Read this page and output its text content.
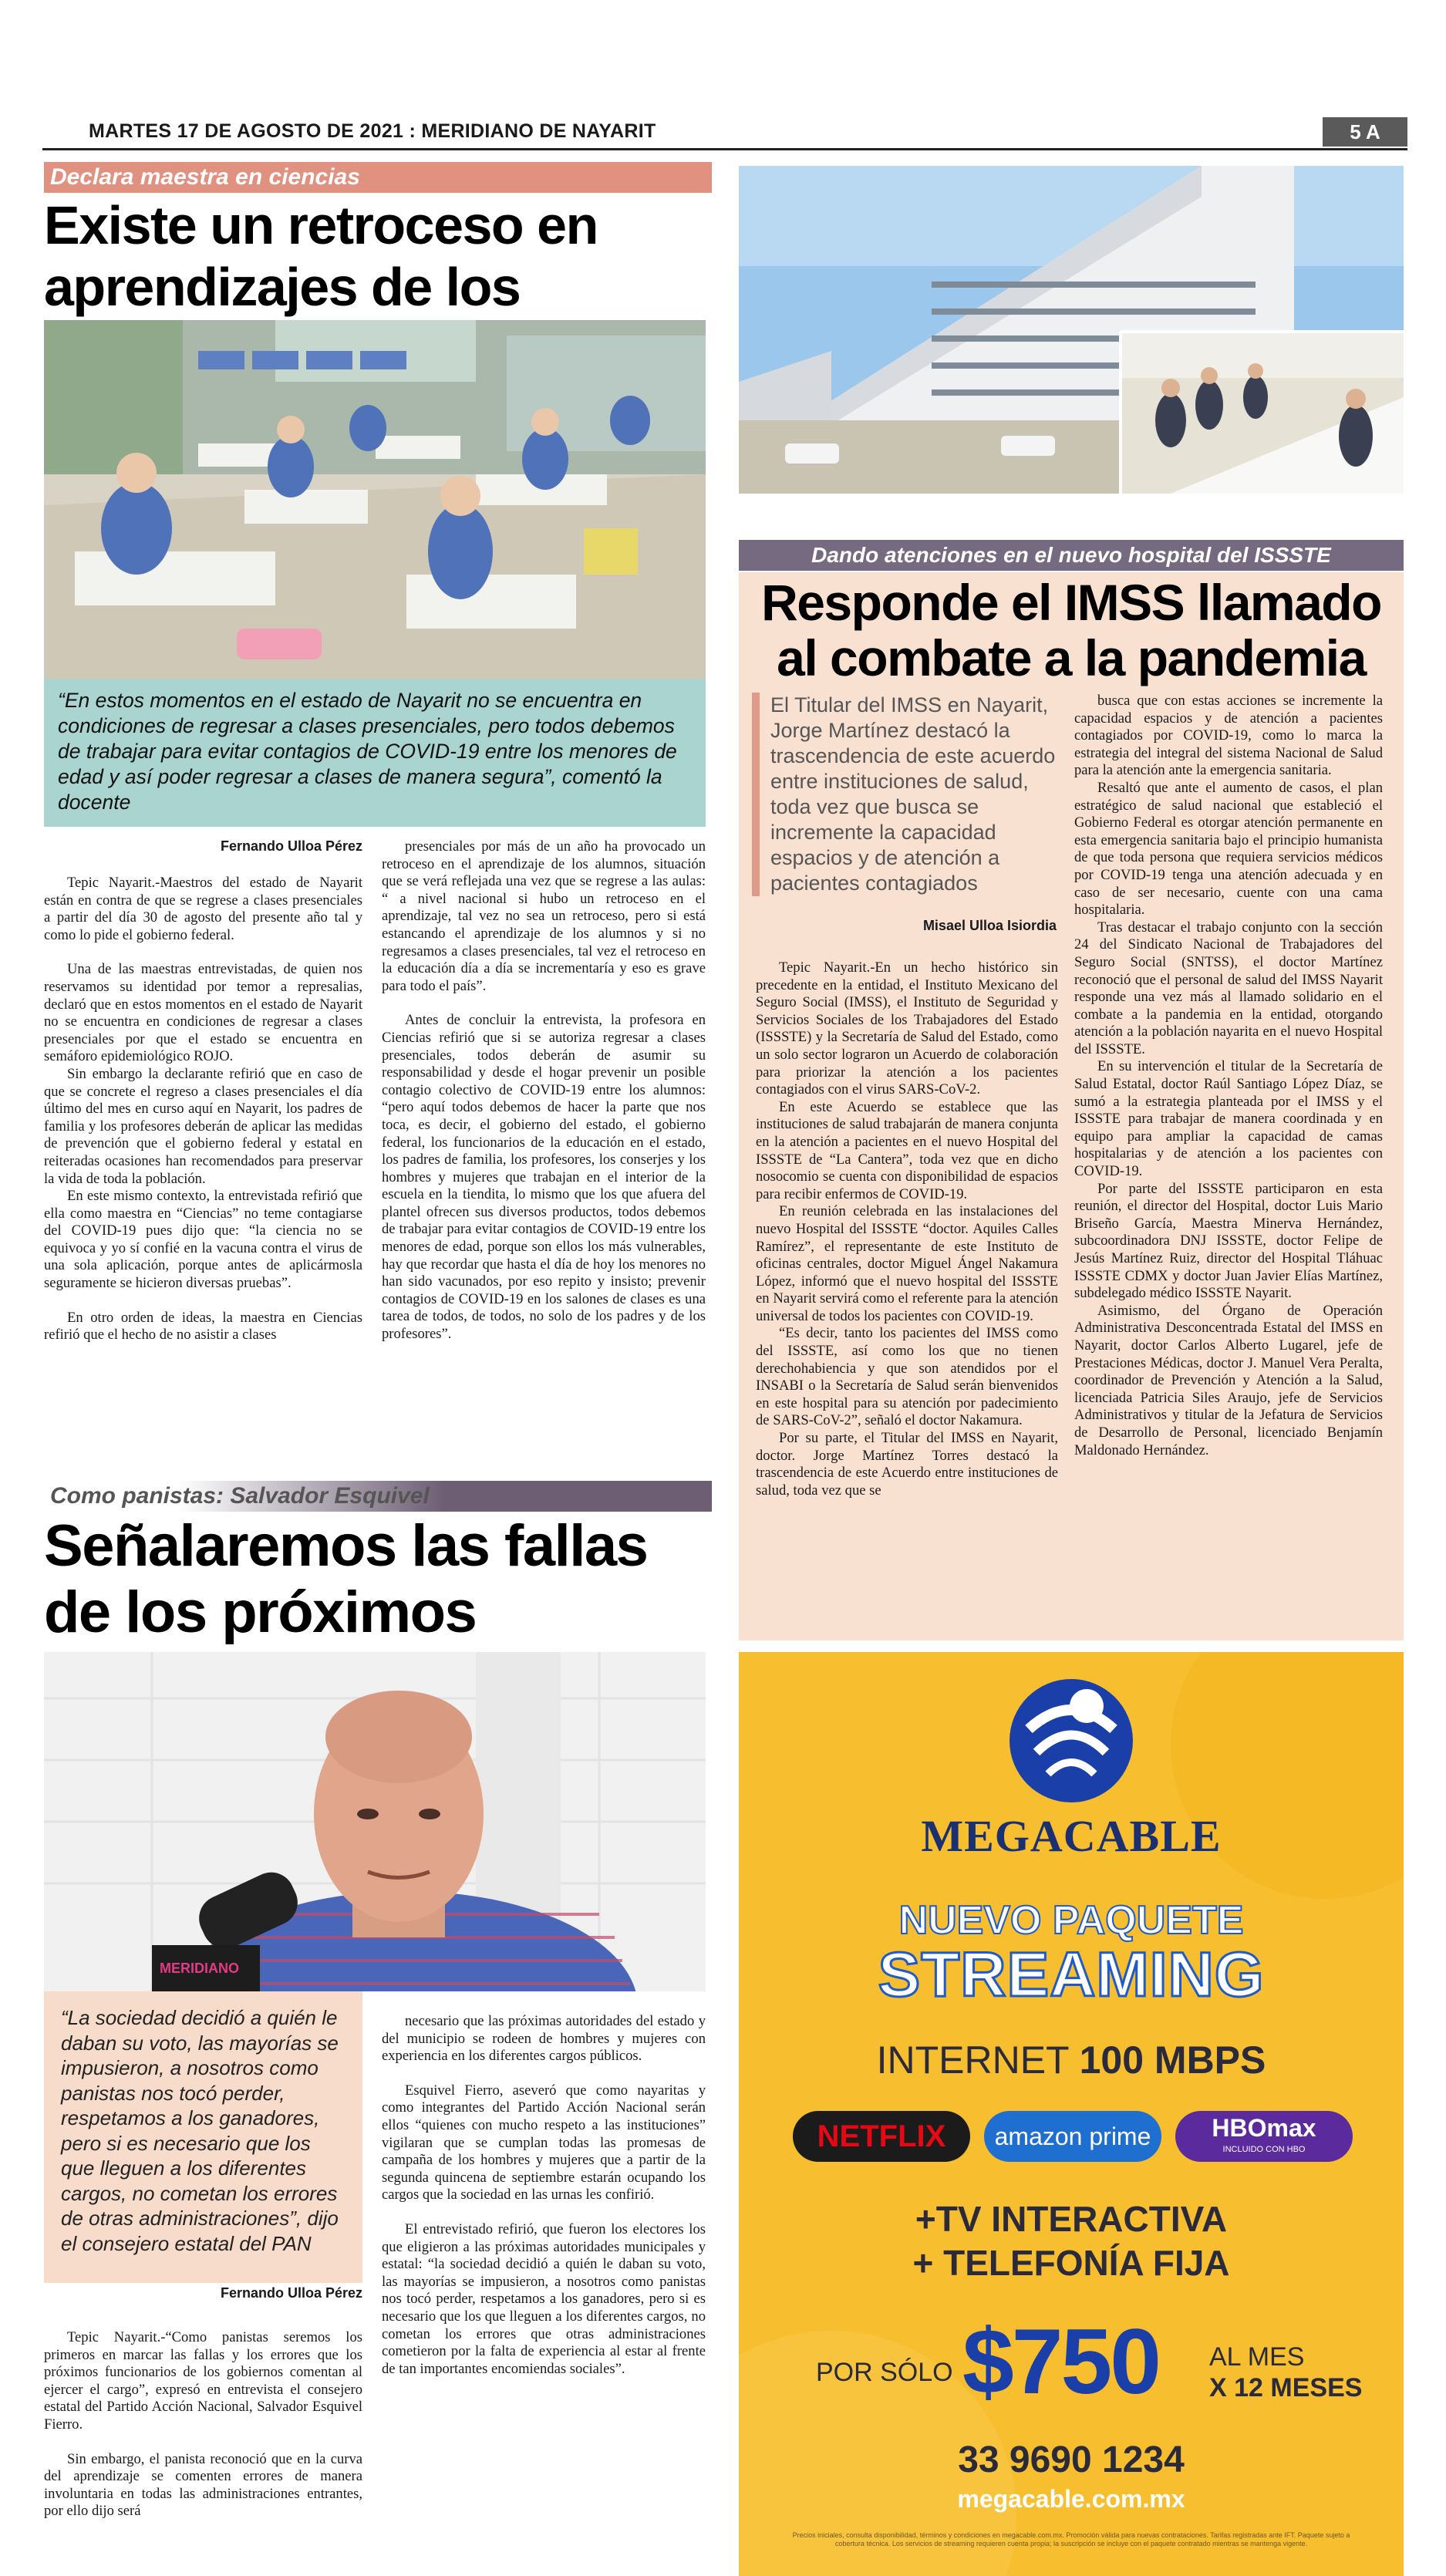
MARTES 17 DE AGOSTO DE 2021 : MERIDIANO DE NAYARIT	5 A
Declara maestra en ciencias
Existe un retroceso en
aprendizajes de los
“En estos momentos en el estado de Nayarit no se encuentra en condiciones de regresar a clases presenciales, pero todos debemos de trabajar para evitar contagios de COVID-19 entre los menores de edad y así poder regresar a clases de manera segura”, comentó la docente
Fernando Ulloa Pérez

Tepic Nayarit.-Maestros del estado de Nayarit están en contra de que se regrese a clases presenciales a partir del día 30 de agosto del presente año tal y como lo pide el gobierno federal.

Una de las maestras entrevistadas, de quien nos reservamos su identidad por temor a represalias, declaró que en estos momentos en el estado de Nayarit no se encuentra en condiciones de regresar a clases presenciales por que el estado se encuentra en semáforo epidemiológico ROJO.

Sin embargo la declarante refirió que en caso de que se concrete el regreso a clases presenciales el día último del mes en curso aquí en Nayarit, los padres de familia y los profesores deberán de aplicar las medidas de prevención que el gobierno federal y estatal en reiteradas ocasiones han recomendados para preservar la vida de toda la población.

En este mismo contexto, la entrevistada refirió que ella como maestra en “Ciencias” no teme contagiarse del COVID-19 pues dijo que: “la ciencia no se equivoca y yo sí confié en la vacuna contra el virus de una sola aplicación, porque antes de aplicármosla seguramente se hicieron diversas pruebas”.

En otro orden de ideas, la maestra en Ciencias refirió que el hecho de no asistir a clases

presenciales por más de un año ha provocado un retroceso en el aprendizaje de los alumnos, situación que se verá reflejada una vez que se regrese a las aulas: “ a nivel nacional si hubo un retroceso en el aprendizaje, tal vez no sea un retroceso, pero si está estancando el aprendizaje de los alumnos y si no regresamos a clases presenciales, tal vez el retroceso en la educación día a día se incrementaría y eso es grave para todo el país”.

Antes de concluir la entrevista, la profesora en Ciencias refirió que si se autoriza regresar a clases presenciales, todos deberán de asumir su responsabilidad y desde el hogar prevenir un posible contagio colectivo de COVID-19 entre los alumnos: “pero aquí todos debemos de hacer la parte que nos toca, es decir, el gobierno del estado, el gobierno federal, los funcionarios de la educación en el estado, los padres de familia, los profesores, los conserjes y los hombres y mujeres que trabajan en el interior de la escuela en la tiendita, lo mismo que los que afuera del plantel ofrecen sus diversos productos, todos debemos de trabajar para evitar contagios de COVID-19 entre los menores de edad, porque son ellos los más vulnerables, hay que recordar que hasta el día de hoy los menores no han sido vacunados, por eso repito y insisto; prevenir contagios de COVID-19 en los salones de clases es una tarea de todos, de todos, no solo de los padres y de los profesores”.

Como panistas: Salvador Esquivel
Señalaremos las fallas
de los próximos
MERIDIANO
“La sociedad decidió a quién le daban su voto, las mayorías se impusieron, a nosotros como panistas nos tocó perder, respetamos a los ganadores, pero si es necesario que los que lleguen a los diferentes cargos, no cometan los errores de otras administraciones”, dijo el consejero estatal del PAN
Fernando Ulloa Pérez

Tepic Nayarit.-“Como panistas seremos los primeros en marcar las fallas y los errores que los próximos funcionarios de los gobiernos comentan al ejercer el cargo”, expresó en entrevista el consejero estatal del Partido Acción Nacional, Salvador Esquivel Fierro.

Sin embargo, el panista reconoció que en la curva del aprendizaje se comenten errores de manera involuntaria en todas las administraciones entrantes, por ello dijo será

necesario que las próximas autoridades del estado y del municipio se rodeen de hombres y mujeres con experiencia en los diferentes cargos públicos.

Esquivel Fierro, aseveró que como nayaritas y como integrantes del Partido Acción Nacional serán ellos “quienes con mucho respeto a las instituciones” vigilaran que se cumplan todas las promesas de campaña de los hombres y mujeres que a partir de la segunda quincena de septiembre estarán ocupando los cargos que la sociedad en las urnas les confirió.

El entrevistado refirió, que fueron los electores los que eligieron a las próximas autoridades municipales y estatal: “la sociedad decidió a quién le daban su voto, las mayorías se impusieron, a nosotros como panistas nos tocó perder, respetamos a los ganadores, pero si es necesario que los que lleguen a los diferentes cargos, no cometan los errores que otras administraciones cometieron por la falta de experiencia al estar al frente de tan importantes encomiendas sociales”.

Dando atenciones en el nuevo hospital del ISSSTE
Responde el IMSS llamado
al combate a la pandemia
El Titular del IMSS en Nayarit, Jorge Martínez destacó la trascendencia de este acuerdo entre instituciones de salud, toda vez que busca se incremente la capacidad espacios y de atención a pacientes contagiados
Misael Ulloa Isiordia

Tepic Nayarit.-En un hecho histórico sin precedente en la entidad, el Instituto Mexicano del Seguro Social (IMSS), el Instituto de Seguridad y Servicios Sociales de los Trabajadores del Estado (ISSSTE) y la Secretaría de Salud del Estado, como un solo sector lograron un Acuerdo de colaboración para priorizar la atención a los pacientes contagiados con el virus SARS-CoV-2.

En este Acuerdo se establece que las instituciones de salud trabajarán de manera conjunta en la atención a pacientes en el nuevo Hospital del ISSSTE de “La Cantera”, toda vez que en dicho nosocomio se cuenta con disponibilidad de espacios para recibir enfermos de COVID-19.

En reunión celebrada en las instalaciones del nuevo Hospital del ISSSTE “doctor. Aquiles Calles Ramírez”, el representante de este Instituto de oficinas centrales, doctor Miguel Ángel Nakamura López, informó que el nuevo hospital del ISSSTE en Nayarit servirá como el referente para la atención universal de todos los pacientes con COVID-19.

“Es decir, tanto los pacientes del IMSS como del ISSSTE, así como los que no tienen derechohabiencia y que son atendidos por el INSABI o la Secretaría de Salud serán bienvenidos en este hospital para su atención por padecimiento de SARS-CoV-2”, señaló el doctor Nakamura.

Por su parte, el Titular del IMSS en Nayarit, doctor. Jorge Martínez Torres destacó la trascendencia de este Acuerdo entre instituciones de salud, toda vez que se

busca que con estas acciones se incremente la capacidad espacios y de atención a pacientes contagiados por COVID-19, como lo marca la estrategia del integral del sistema Nacional de Salud para la atención ante la emergencia sanitaria.

Resaltó que ante el aumento de casos, el plan estratégico de salud nacional que estableció el Gobierno Federal es otorgar atención permanente en esta emergencia sanitaria bajo el principio humanista de que toda persona que requiera servicios médicos por COVID-19 tenga una atención adecuada y en caso de ser necesario, cuente con una cama hospitalaria.

Tras destacar el trabajo conjunto con la sección 24 del Sindicato Nacional de Trabajadores del Seguro Social (SNTSS), el doctor Martínez reconoció que el personal de salud del IMSS Nayarit responde una vez más al llamado solidario en el combate a la pandemia en la entidad, otorgando atención a la población nayarita en el nuevo Hospital del ISSSTE.

En su intervención el titular de la Secretaría de Salud Estatal, doctor Raúl Santiago López Díaz, se sumó a la estrategia planteada por el IMSS y el ISSSTE para trabajar de manera coordinada y en equipo para ampliar la capacidad de camas hospitalarias y de atención a los pacientes con COVID-19.

Por parte del ISSSTE participaron en esta reunión, el director del Hospital, doctor Luis Mario Briseño García, Maestra Minerva Hernández, subcoordinadora DNJ ISSSTE, doctor Felipe de Jesús Martínez Ruiz, director del Hospital Tláhuac ISSSTE CDMX y doctor Juan Javier Elías Martínez, subdelegado médico ISSSTE Nayarit.

Asimismo, del Órgano de Operación Administrativa Desconcentrada Estatal del IMSS en Nayarit, doctor Carlos Alberto Lugarel, jefe de Prestaciones Médicas, doctor J. Manuel Vera Peralta, coordinador de Prevención y Atención a la Salud, licenciada Patricia Siles Araujo, jefe de Servicios Administrativos y titular de la Jefatura de Servicios de Desarrollo de Personal, licenciado Benjamín Maldonado Hernández.

MEGACABLE
NUEVO PAQUETE
STREAMING
INTERNET 100 MBPS
NETFLIX	amazon prime	HBOmax
INCLUIDO CON HBO
+TV INTERACTIVA
+ TELEFONÍA FIJA
POR SÓLO $750 AL MES
X 12 MESES
33 9690 1234
megacable.com.mx
Precios iniciales, consulta disponibilidad, términos y condiciones en megacable.com.mx. Promoción válida para nuevas contrataciones. Tarifas registradas ante IFT. Paquete sujeto a cobertura técnica. Los servicios de streaming requieren cuenta propia; la suscripción se incluye con el paquete contratado mientras se mantenga vigente.
